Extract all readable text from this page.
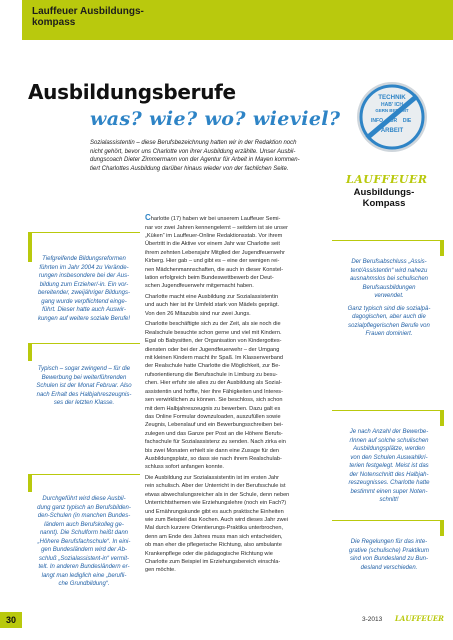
Lauffeuer Ausbildungs-
kompass
Ausbildungsberufe
was? wie? wo? wieviel?
TECHNIK
HAB' ICH
GERN BEDIENT
INFO FÜR DIE
ARBEIT
LAUFFEUER
Ausbildungs-
Kompass
Sozialassistentin – diese Berufsbezeichnung hatten wir in der Redaktion noch
nicht gehört, bevor uns Charlotte von ihrer Ausbildung erzählte. Unser Ausbil-
dungscoach Dieter Zimmermann von der Agentur für Arbeit in Mayen kommen-
tiert Charlottes Ausbildung darüber hinaus wieder von der fachlichen Seite.

Charlotte (17) haben wir bei unserem Lauffeuer Semi-
nar vor zwei Jahren kennengelernt – seitdem ist sie unser
„Küken“ im Lauffeuer-Online Redaktionsstab. Vor ihrem
Übertritt in die Aktive vor einem Jahr war Charlotte seit
ihrem zehnten Lebensjahr Mitglied der Jugendfeuerwehr
Kirberg. Hier gab – und gibt es – eine der wenigen rei-
nen Mädchenmannschaften, die auch in dieser Konstel-
lation erfolgreich beim Bundeswettbewerb der Deut-
schen Jugendfeuerwehr mitgemacht haben.

Charlotte macht eine Ausbildung zur Sozialassistentin
und auch hier ist ihr Umfeld stark von Mädels geprägt.
Von den 26 Mitazubis sind nur zwei Jungs.

Charlotte beschäftigte sich zu der Zeit, als sie noch die
Realschule besuchte schon gerne und viel mit Kindern.
Egal ob Babysitten, der Organisation von Kindergottes-
diensten oder bei der Jugendfeuerwehr – der Umgang
mit kleinen Kindern macht ihr Spaß. Im Klassenverband
der Realschule hatte Charlotte die Möglichkeit, zur Be-
rufsorientierung die Berufsschule in Limburg zu besu-
chen. Hier erfuhr sie alles zu der Ausbildung als Sozial-
assistentin und hoffte, hier ihre Fähigkeiten und Interes-
sen verwirklichen zu können. Sie beschloss, sich schon
mit dem Halbjahreszeugnis zu bewerben. Dazu galt es
das Online Formular downzuloaden, auszufüllen sowie
Zeugnis, Lebenslauf und ein Bewerbungsschreiben bei-
zulegen und das Ganze per Post an die Höhere Berufs-
fachschule für Sozialassistenz zu senden. Nach zirka ein
bis zwei Monaten erhielt sie dann eine Zusage für den
Ausbildungsplatz, so dass sie nach ihrem Realschulab-
schluss sofort anfangen konnte.

Die Ausbildung zur Sozialassistentin ist im ersten Jahr
rein schulisch. Aber der Unterricht in der Berufsschule ist
etwas abwechslungsreicher als in der Schule, denn neben
Unterrichtsthemen wie Erziehungslehre (noch ein Fach?)
und Ernährungskunde gibt es auch praktische Einheiten
wie zum Beispiel das Kochen. Auch wird dieses Jahr zwei
Mal durch kurzere Orientierungs-Praktika unterbrochen,
denn am Ende des Jahres muss man sich entscheiden,
ob man eher die pflegerische Richtung, also ambulante
Krankenpflege oder die pädagogische Richtung wie
Charlotte zum Beispiel im Erziehungsbereich einschla-
gen möchte.

Tiefgreifende Bildungsreformen
führten im Jahr 2004 zu Verände-
rungen insbesondere bei der Aus-
bildung zum Erzieher/-in. Ein vor-
bereitender, zweijähriger Bildungs-
gang wurde verpflichtend einge-
führt. Dieser hatte auch Auswir-
kungen auf weitere soziale Berufe!
Typisch – sogar zwingend – für die
Bewerbung bei weiterführenden
Schulen ist der Monat Februar. Also
nach Erhalt des Halbjahreszeugnis-
ses der letzten Klasse.
Durchgeführt wird diese Ausbil-
dung ganz typisch an Berufsbilden-
den-Schulen (in manchen Bundes-
ländern auch Berufskolleg ge-
nannt). Die Schulform heißt dann
„Höhere Berufsfachschule“. In eini-
gen Bundesländern wird der Ab-
schluß „Sozialassistent-in“ vermit-
telt. In anderen Bundesländern er-
langt man lediglich eine „berufli-
che Grundbildung“.
Der Berufsabschluss „Assis-
tent/Assistentin“ wird nahezu
ausnahmslos bei schulischen
Berufsausbildungen
verwendet.
Ganz typisch sind die sozialpä-
dagogischen, aber auch die
sozialpflegerischen Berufe von
Frauen dominiert.
Je nach Anzahl der Bewerbe-
rInnen auf solche schulischen
Ausbildungsplätze, werden
von den Schulen Auswahlkri-
terien festgelegt. Meist ist das
der Notenschnitt des Halbjah-
reszeugnisses. Charlotte hatte
bestimmt einen super Noten-
schnitt!
Die Regelungen für das inte-
grative (schulische) Praktikum
sind von Bundesland zu Bun-
desland verschieden.
30	3-2013 LAUFFEUER
